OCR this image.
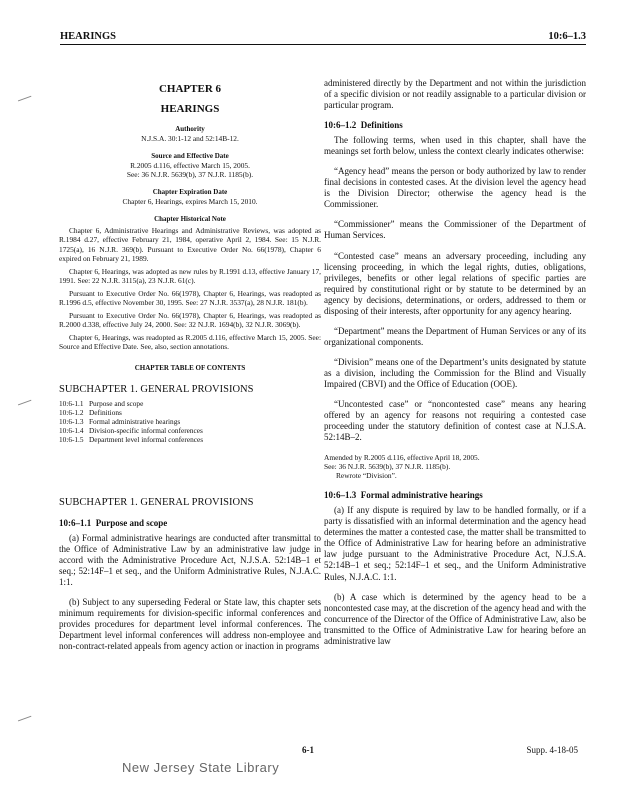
HEARINGS	10:6–1.3

CHAPTER 6

HEARINGS

Authority

N.J.S.A. 30:1-12 and 52:14B-12.

Source and Effective Date

R.2005 d.116, effective March 15, 2005.

See: 36 N.J.R. 5639(b), 37 N.J.R. 1185(b).

Chapter Expiration Date

Chapter 6, Hearings, expires March 15, 2010.

Chapter Historical Note

Chapter 6, Administrative Hearings and Administrative Reviews, was adopted as R.1984 d.27, effective February 21, 1984, operative April 2, 1984. See: 15 N.J.R. 1725(a), 16 N.J.R. 369(b). Pursuant to Executive Order No. 66(1978), Chapter 6 expired on February 21, 1989.

Chapter 6, Hearings, was adopted as new rules by R.1991 d.13, effective January 17, 1991. See: 22 N.J.R. 3115(a), 23 N.J.R. 61(c).

Pursuant to Executive Order No. 66(1978), Chapter 6, Hearings, was readopted as R.1996 d.5, effective November 30, 1995. See: 27 N.J.R. 3537(a), 28 N.J.R. 181(b).

Pursuant to Executive Order No. 66(1978), Chapter 6, Hearings, was readopted as R.2000 d.338, effective July 24, 2000. See: 32 N.J.R. 1694(b), 32 N.J.R. 3069(b).

Chapter 6, Hearings, was readopted as R.2005 d.116, effective March 15, 2005. See: Source and Effective Date. See, also, section annotations.

CHAPTER TABLE OF CONTENTS

SUBCHAPTER 1. GENERAL PROVISIONS

10:6-1.1 Purpose and scope
10:6-1.2 Definitions
10:6-1.3 Formal administrative hearings
10:6-1.4 Division-specific informal conferences
10:6-1.5 Department level informal conferences

SUBCHAPTER 1. GENERAL PROVISIONS

10:6–1.1 Purpose and scope

(a) Formal administrative hearings are conducted after transmittal to the Office of Administrative Law by an administrative law judge in accord with the Administrative Procedure Act, N.J.S.A. 52:14B–1 et seq.; 52:14F–1 et seq., and the Uniform Administrative Rules, N.J.A.C. 1:1.

(b) Subject to any superseding Federal or State law, this chapter sets minimum requirements for division-specific informal conferences and provides procedures for department level informal conferences. The Department level informal conferences will address non-employee and non-contract-related appeals from agency action or inaction in programs

administered directly by the Department and not within the jurisdiction of a specific division or not readily assignable to a particular division or particular program.

10:6–1.2 Definitions

The following terms, when used in this chapter, shall have the meanings set forth below, unless the context clearly indicates otherwise:

“Agency head” means the person or body authorized by law to render final decisions in contested cases. At the division level the agency head is the Division Director; otherwise the agency head is the Commissioner.

“Commissioner” means the Commissioner of the Department of Human Services.

“Contested case” means an adversary proceeding, including any licensing proceeding, in which the legal rights, duties, obligations, privileges, benefits or other legal relations of specific parties are required by constitutional right or by statute to be determined by an agency by decisions, determinations, or orders, addressed to them or disposing of their interests, after opportunity for any agency hearing.

“Department” means the Department of Human Services or any of its organizational components.

“Division” means one of the Department’s units designated by statute as a division, including the Commission for the Blind and Visually Impaired (CBVI) and the Office of Education (OOE).

“Uncontested case” or “noncontested case” means any hearing offered by an agency for reasons not requiring a contested case proceeding under the statutory definition of contest case at N.J.S.A. 52:14B–2.

Amended by R.2005 d.116, effective April 18, 2005.

See: 36 N.J.R. 5639(b), 37 N.J.R. 1185(b).

Rewrote “Division”.

10:6–1.3 Formal administrative hearings

(a) If any dispute is required by law to be handled formally, or if a party is dissatisfied with an informal determination and the agency head determines the matter a contested case, the matter shall be transmitted to the Office of Administrative Law for hearing before an administrative law judge pursuant to the Administrative Procedure Act, N.J.S.A. 52:14B–1 et seq.; 52:14F–1 et seq., and the Uniform Administrative Rules, N.J.A.C. 1:1.

(b) A case which is determined by the agency head to be a noncontested case may, at the discretion of the agency head and with the concurrence of the Director of the Office of Administrative Law, also be transmitted to the Office of Administrative Law for hearing before an administrative law

6-1	Supp. 4-18-05
New Jersey State Library
